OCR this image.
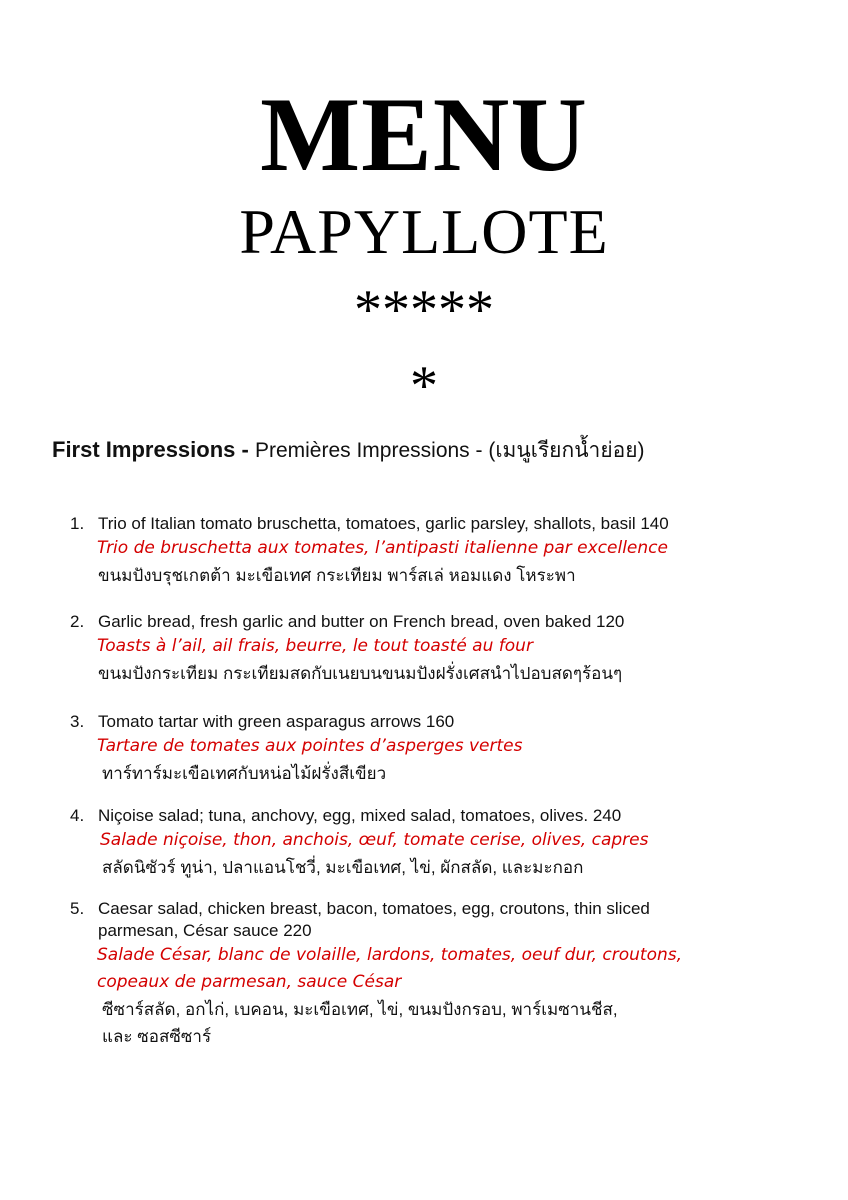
MENU
PAPYLLOTE
*****
*
First Impressions - Premières Impressions - (เมนูเรียกน้ำย่อย)
1. Trio of Italian tomato bruschetta, tomatoes, garlic parsley, shallots, basil 140
Trio de bruschetta aux tomates, l’antipasti italienne par excellence
ขนมปังบรุชเกตต้า มะเขือเทศ กระเทียม พาร์สเล่ หอมแดง โหระพา
2. Garlic bread, fresh garlic and butter on French bread, oven baked 120
Toasts à l’ail, ail frais, beurre, le tout toasté au four
ขนมปังกระเทียม กระเทียมสดกับเนยบนขนมปังฝรั่งเศสนำไปอบสดๆร้อนๆ
3. Tomato tartar with green asparagus arrows 160
Tartare de tomates aux pointes d’asperges vertes
ทาร์ทาร์มะเขือเทศกับหน่อไม้ฝรั่งสีเขียว
4. Niçoise salad; tuna, anchovy, egg, mixed salad, tomatoes, olives. 240
Salade niçoise, thon, anchois, œuf, tomate cerise, olives, capres
สลัดนิซัวร์ ทูน่า, ปลาแอนโชวี่, มะเขือเทศ, ไข่, ผักสลัด, และมะกอก
5. Caesar salad, chicken breast, bacon, tomatoes, egg, croutons, thin sliced
parmesan, César sauce 220
Salade César, blanc de volaille, lardons, tomates, oeuf dur, croutons,
copeaux de parmesan, sauce César
ซีซาร์สลัด, อกไก่, เบคอน, มะเขือเทศ, ไข่, ขนมปังกรอบ, พาร์เมซานชีส,
และ ซอสซีซาร์
